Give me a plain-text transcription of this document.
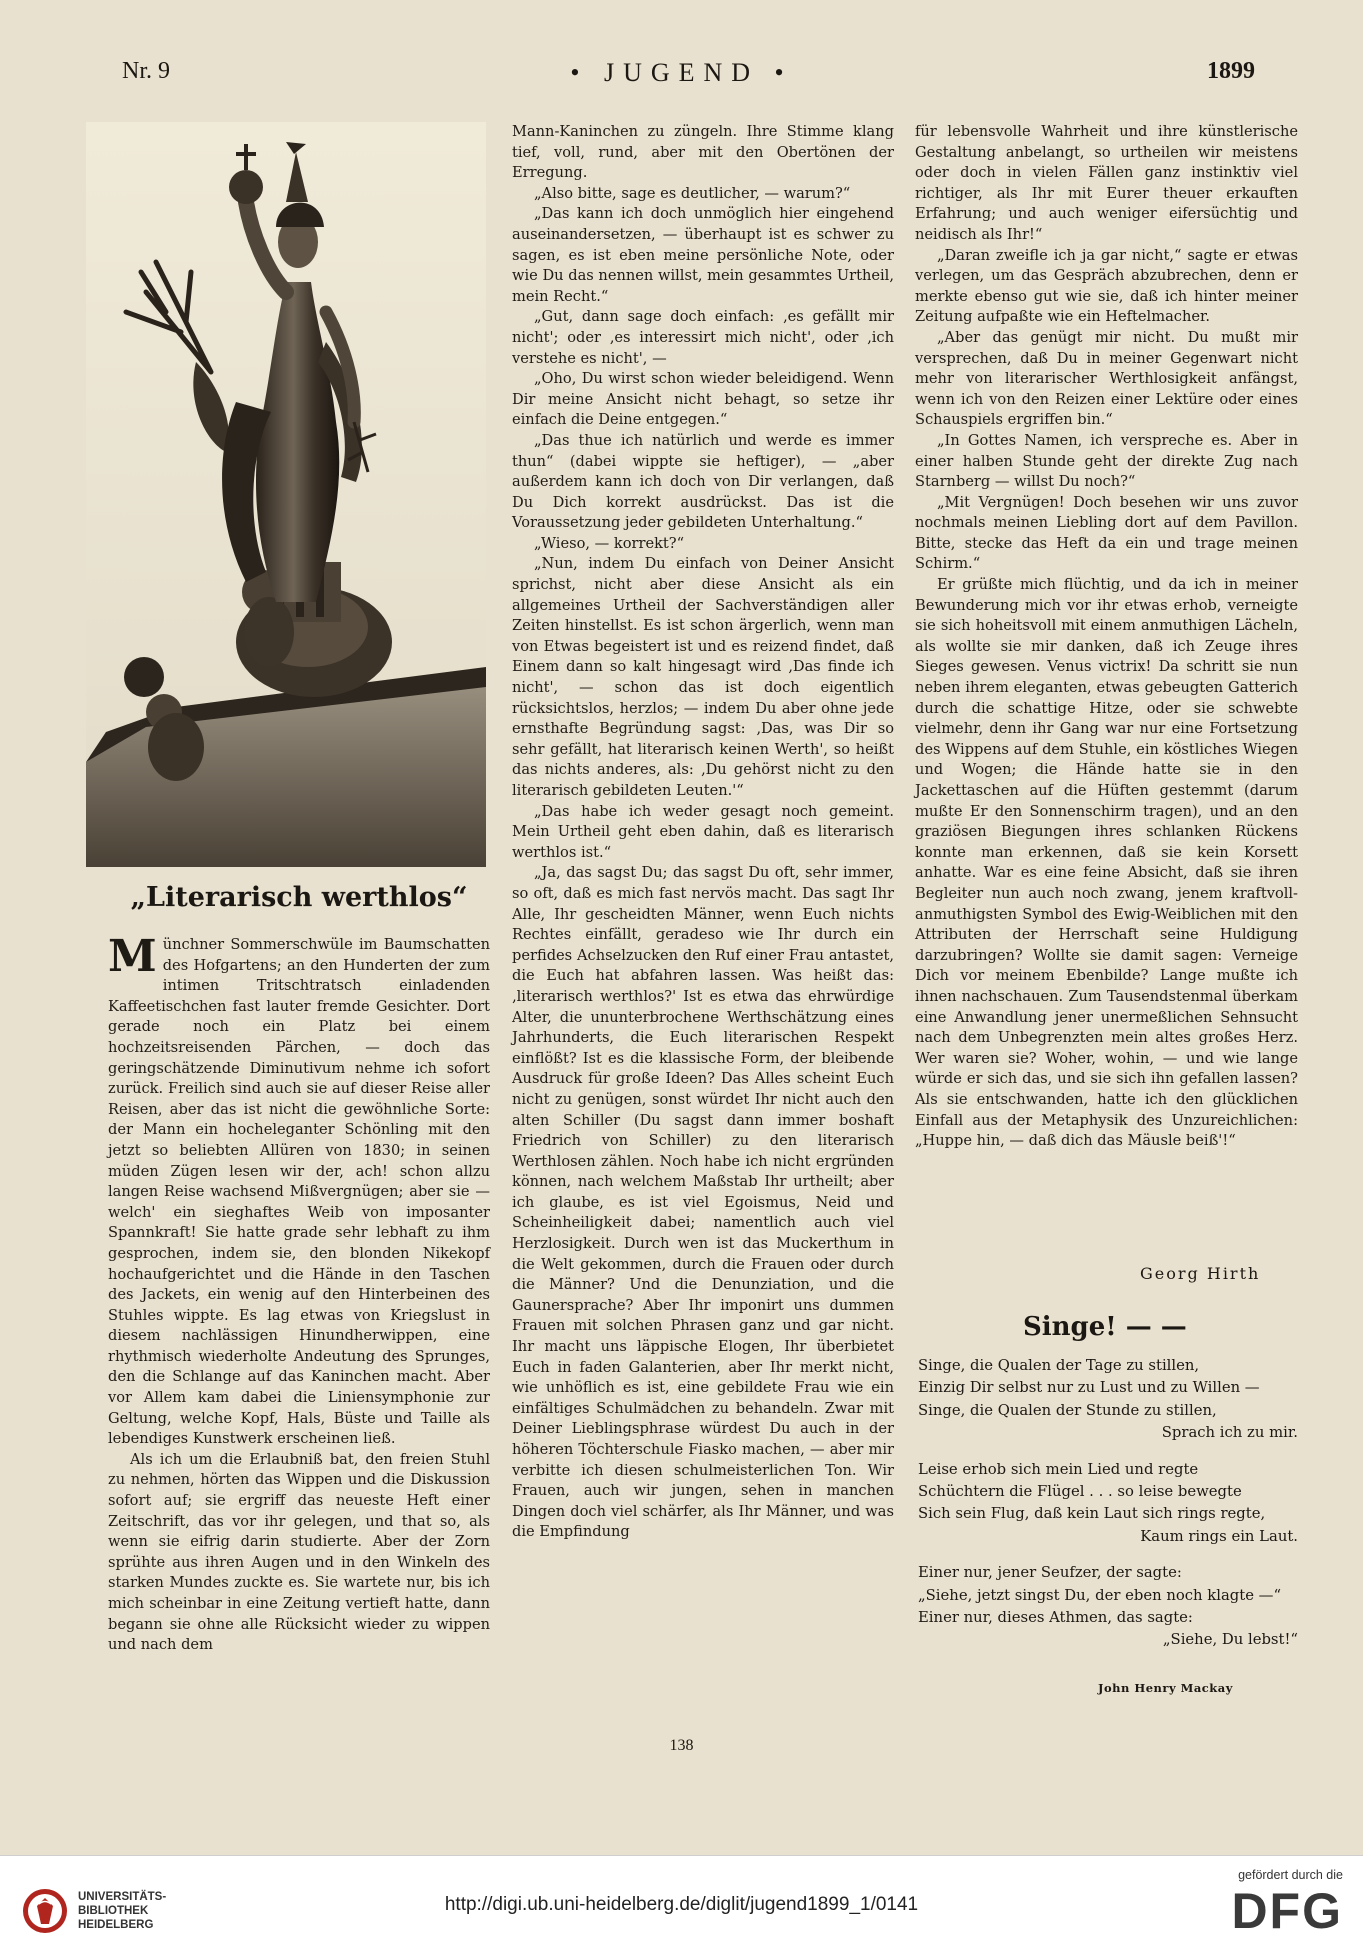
Nr. 9	• JUGEND •	1899
„Literarisch werthlos“

Münchner Sommerschwüle im Baumschatten des Hofgartens; an den Hunderten der zum intimen Tritschtratsch einladenden Kaffeetischchen fast lauter fremde Gesichter. Dort gerade noch ein Platz bei einem hochzeitsreisenden Pärchen, — doch das geringschätzende Diminutivum nehme ich sofort zurück. Freilich sind auch sie auf dieser Reise aller Reisen, aber das ist nicht die gewöhnliche Sorte: der Mann ein hocheleganter Schönling mit den jetzt so beliebten Allüren von 1830; in seinen müden Zügen lesen wir der, ach! schon allzu langen Reise wachsend Mißvergnügen; aber sie — welch' ein sieghaftes Weib von imposanter Spannkraft! Sie hatte grade sehr lebhaft zu ihm gesprochen, indem sie, den blonden Nikekopf hochaufgerichtet und die Hände in den Taschen des Jackets, ein wenig auf den Hinterbeinen des Stuhles wippte. Es lag etwas von Kriegslust in diesem nachlässigen Hinundherwippen, eine rhythmisch wiederholte Andeutung des Sprunges, den die Schlange auf das Kaninchen macht. Aber vor Allem kam dabei die Liniensymphonie zur Geltung, welche Kopf, Hals, Büste und Taille als lebendiges Kunstwerk erscheinen ließ.

Als ich um die Erlaubniß bat, den freien Stuhl zu nehmen, hörten das Wippen und die Diskussion sofort auf; sie ergriff das neueste Heft einer Zeitschrift, das vor ihr gelegen, und that so, als wenn sie eifrig darin studierte. Aber der Zorn sprühte aus ihren Augen und in den Winkeln des starken Mundes zuckte es. Sie wartete nur, bis ich mich scheinbar in eine Zeitung vertieft hatte, dann begann sie ohne alle Rücksicht wieder zu wippen und nach dem

Mann-Kaninchen zu züngeln. Ihre Stimme klang tief, voll, rund, aber mit den Obertönen der Erregung.

„Also bitte, sage es deutlicher, — warum?“

„Das kann ich doch unmöglich hier eingehend auseinandersetzen, — überhaupt ist es schwer zu sagen, es ist eben meine persönliche Note, oder wie Du das nennen willst, mein gesammtes Urtheil, mein Recht.“

„Gut, dann sage doch einfach: ‚es gefällt mir nicht'; oder ‚es interessirt mich nicht', oder ‚ich verstehe es nicht', —

„Oho, Du wirst schon wieder beleidigend. Wenn Dir meine Ansicht nicht behagt, so setze ihr einfach die Deine entgegen.“

„Das thue ich natürlich und werde es immer thun“ (dabei wippte sie heftiger), — „aber außerdem kann ich doch von Dir verlangen, daß Du Dich korrekt ausdrückst. Das ist die Voraussetzung jeder gebildeten Unterhaltung.“

„Wieso, — korrekt?“

„Nun, indem Du einfach von Deiner Ansicht sprichst, nicht aber diese Ansicht als ein allgemeines Urtheil der Sachverständigen aller Zeiten hinstellst. Es ist schon ärgerlich, wenn man von Etwas begeistert ist und es reizend findet, daß Einem dann so kalt hingesagt wird ‚Das finde ich nicht', — schon das ist doch eigentlich rücksichtslos, herzlos; — indem Du aber ohne jede ernsthafte Begründung sagst: ‚Das, was Dir so sehr gefällt, hat literarisch keinen Werth', so heißt das nichts anderes, als: ‚Du gehörst nicht zu den literarisch gebildeten Leuten.'“

„Das habe ich weder gesagt noch gemeint. Mein Urtheil geht eben dahin, daß es literarisch werthlos ist.“

„Ja, das sagst Du; das sagst Du oft, sehr immer, so oft, daß es mich fast nervös macht. Das sagt Ihr Alle, Ihr gescheidten Männer, wenn Euch nichts Rechtes einfällt, geradeso wie Ihr durch ein perfides Achselzucken den Ruf einer Frau antastet, die Euch hat abfahren lassen. Was heißt das: ‚literarisch werthlos?' Ist es etwa das ehrwürdige Alter, die ununterbrochene Werthschätzung eines Jahrhunderts, die Euch literarischen Respekt einflößt? Ist es die klassische Form, der bleibende Ausdruck für große Ideen? Das Alles scheint Euch nicht zu genügen, sonst würdet Ihr nicht auch den alten Schiller (Du sagst dann immer boshaft Friedrich von Schiller) zu den literarisch Werthlosen zählen. Noch habe ich nicht ergründen können, nach welchem Maßstab Ihr urtheilt; aber ich glaube, es ist viel Egoismus, Neid und Scheinheiligkeit dabei; namentlich auch viel Herzlosigkeit. Durch wen ist das Muckerthum in die Welt gekommen, durch die Frauen oder durch die Männer? Und die Denunziation, und die Gaunersprache? Aber Ihr imponirt uns dummen Frauen mit solchen Phrasen ganz und gar nicht. Ihr macht uns läppische Elogen, Ihr überbietet Euch in faden Galanterien, aber Ihr merkt nicht, wie unhöflich es ist, eine gebildete Frau wie ein einfältiges Schulmädchen zu behandeln. Zwar mit Deiner Lieblingsphrase würdest Du auch in der höheren Töchterschule Fiasko machen, — aber mir verbitte ich diesen schulmeisterlichen Ton. Wir Frauen, auch wir jungen, sehen in manchen Dingen doch viel schärfer, als Ihr Männer, und was die Empfindung

für lebensvolle Wahrheit und ihre künstlerische Gestaltung anbelangt, so urtheilen wir meistens oder doch in vielen Fällen ganz instinktiv viel richtiger, als Ihr mit Eurer theuer erkauften Erfahrung; und auch weniger eifersüchtig und neidisch als Ihr!“

„Daran zweifle ich ja gar nicht,“ sagte er etwas verlegen, um das Gespräch abzubrechen, denn er merkte ebenso gut wie sie, daß ich hinter meiner Zeitung aufpaßte wie ein Heftelmacher.

„Aber das genügt mir nicht. Du mußt mir versprechen, daß Du in meiner Gegenwart nicht mehr von literarischer Werthlosigkeit anfängst, wenn ich von den Reizen einer Lektüre oder eines Schauspiels ergriffen bin.“

„In Gottes Namen, ich verspreche es. Aber in einer halben Stunde geht der direkte Zug nach Starnberg — willst Du noch?“

„Mit Vergnügen! Doch besehen wir uns zuvor nochmals meinen Liebling dort auf dem Pavillon. Bitte, stecke das Heft da ein und trage meinen Schirm.“

Er grüßte mich flüchtig, und da ich in meiner Bewunderung mich vor ihr etwas erhob, verneigte sie sich hoheitsvoll mit einem anmuthigen Lächeln, als wollte sie mir danken, daß ich Zeuge ihres Sieges gewesen. Venus victrix! Da schritt sie nun neben ihrem eleganten, etwas gebeugten Gatterich durch die schattige Hitze, oder sie schwebte vielmehr, denn ihr Gang war nur eine Fortsetzung des Wippens auf dem Stuhle, ein köstliches Wiegen und Wogen; die Hände hatte sie in den Jackettaschen auf die Hüften gestemmt (darum mußte Er den Sonnenschirm tragen), und an den graziösen Biegungen ihres schlanken Rückens konnte man erkennen, daß sie kein Korsett anhatte. War es eine feine Absicht, daß sie ihren Begleiter nun auch noch zwang, jenem kraftvoll-anmuthigsten Symbol des Ewig-Weiblichen mit den Attributen der Herrschaft seine Huldigung darzubringen? Wollte sie damit sagen: Verneige Dich vor meinem Ebenbilde? Lange mußte ich ihnen nachschauen. Zum Tausendstenmal überkam eine Anwandlung jener unermeßlichen Sehnsucht nach dem Unbegrenzten mein altes großes Herz. Wer waren sie? Woher, wohin, — und wie lange würde er sich das, und sie sich ihn gefallen lassen? Als sie entschwanden, hatte ich den glücklichen Einfall aus der Metaphysik des Unzureichlichen: „Huppe hin, — daß dich das Mäusle beiß'!“

Georg Hirth
Singe! — —
Singe, die Qualen der Tage zu stillen,
Einzig Dir selbst nur zu Lust und zu Willen —
Singe, die Qualen der Stunde zu stillen,
Sprach ich zu mir.
Leise erhob sich mein Lied und regte
Schüchtern die Flügel . . . so leise bewegte
Sich sein Flug, daß kein Laut sich rings regte,
Kaum rings ein Laut.
Einer nur, jener Seufzer, der sagte:
„Siehe, jetzt singst Du, der eben noch klagte —“
Einer nur, dieses Athmen, das sagte:
„Siehe, Du lebst!“
John Henry Mackay
138
UNIVERSITÄTS-
BIBLIOTHEK
HEIDELBERG
http://digi.ub.uni-heidelberg.de/diglit/jugend1899_1/0141
gefördert durch die
DFG
